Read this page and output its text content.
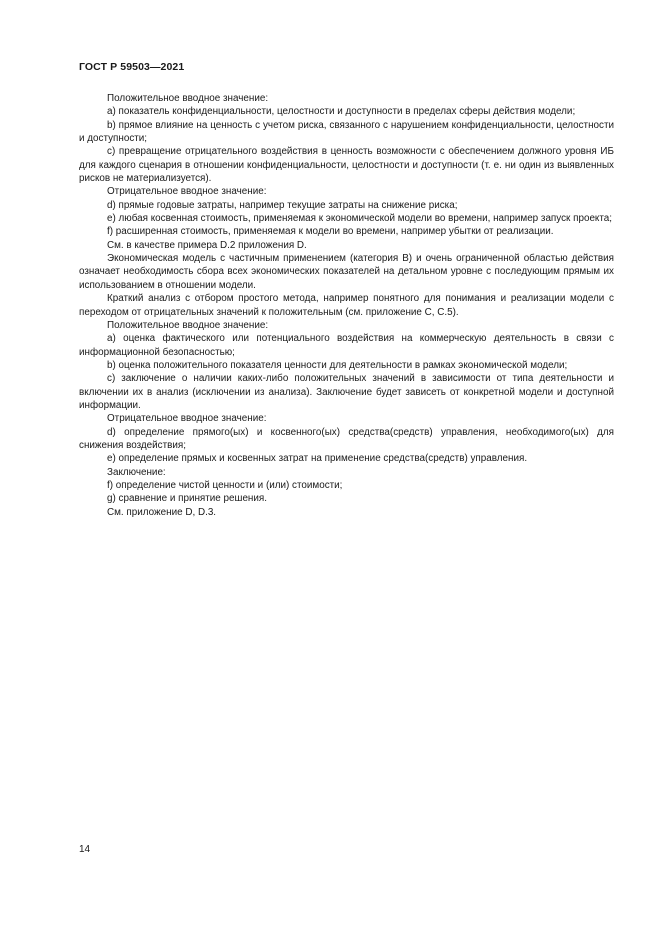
ГОСТ Р 59503—2021

Положительное вводное значение:

а) показатель конфиденциальности, целостности и доступности в пределах сферы действия модели;

b) прямое влияние на ценность с учетом риска, связанного с нарушением конфиденциальности, целостности и доступности;

с) превращение отрицательного воздействия в ценность возможности с обеспечением должного уровня ИБ для каждого сценария в отношении конфиденциальности, целостности и доступности (т. е. ни один из выявленных рисков не материализуется).

Отрицательное вводное значение:

d) прямые годовые затраты, например текущие затраты на снижение риска;

е) любая косвенная стоимость, применяемая к экономической модели во времени, например запуск проекта;

f) расширенная стоимость, применяемая к модели во времени, например убытки от реализации.

См. в качестве примера D.2 приложения D.

Экономическая модель с частичным применением (категория В) и очень ограниченной областью действия означает необходимость сбора всех экономических показателей на детальном уровне с последующим прямым их использованием в отношении модели.

Краткий анализ с отбором простого метода, например понятного для понимания и реализации модели с переходом от отрицательных значений к положительным (см. приложение С, С.5).

Положительное вводное значение:

а) оценка фактического или потенциального воздействия на коммерческую деятельность в связи с информационной безопасностью;

b) оценка положительного показателя ценности для деятельности в рамках экономической модели;

с) заключение о наличии каких-либо положительных значений в зависимости от типа деятельности и включении их в анализ (исключении из анализа). Заключение будет зависеть от конкретной модели и доступной информации.

Отрицательное вводное значение:

d) определение прямого(ых) и косвенного(ых) средства(средств) управления, необходимого(ых) для снижения воздействия;

е) определение прямых и косвенных затрат на применение средства(средств) управления.

Заключение:

f) определение чистой ценности и (или) стоимости;

g) сравнение и принятие решения.

См. приложение D, D.3.

14
